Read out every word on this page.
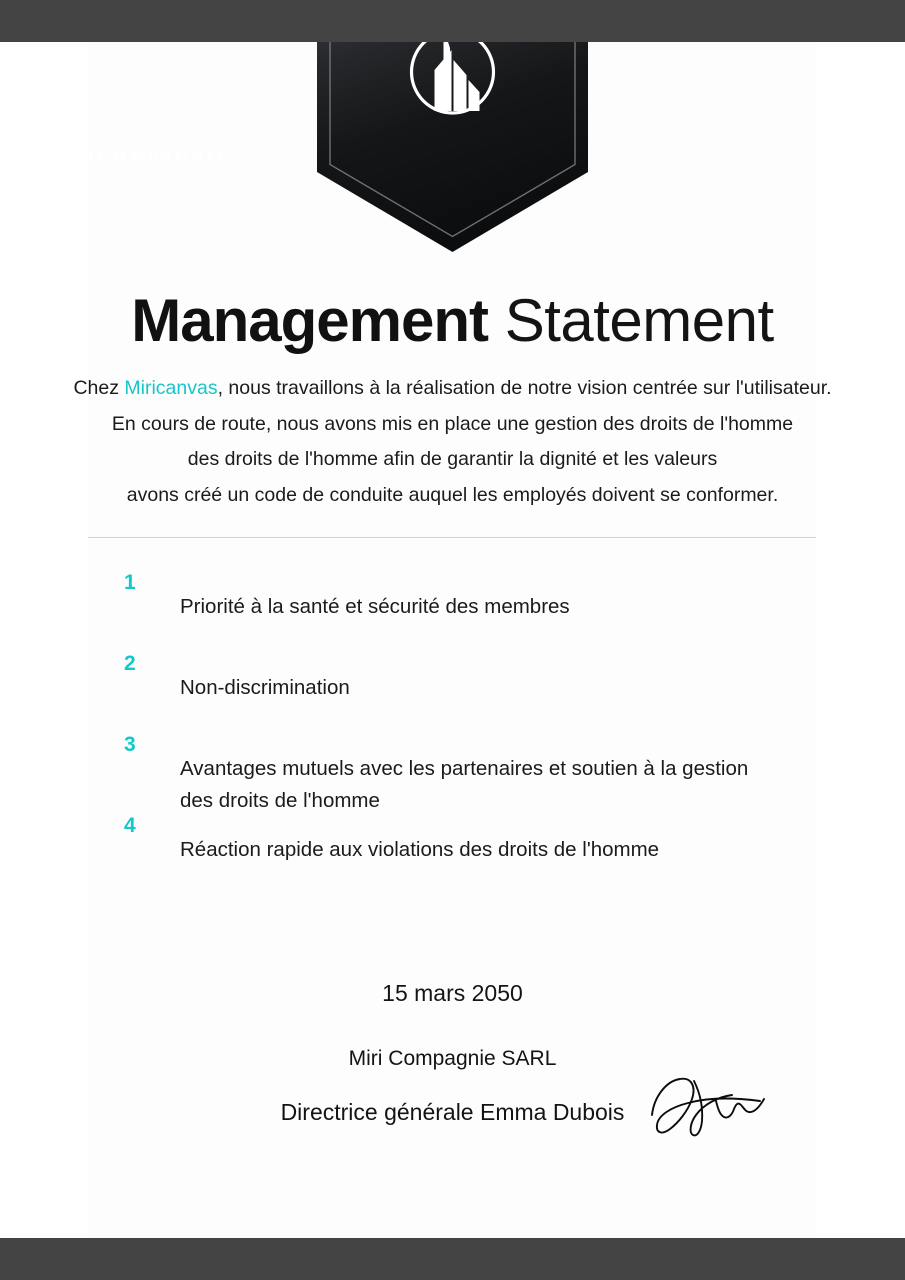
MIRICOMPAGNIE
Management Statement
Chez Miricanvas, nous travaillons à la réalisation de notre vision centrée sur l'utilisateur.
En cours de route, nous avons mis en place une gestion des droits de l'homme
des droits de l'homme afin de garantir la dignité et les valeurs
avons créé un code de conduite auquel les employés doivent se conformer.
1
Priorité à la santé et sécurité des membres
2
Non-discrimination
3
Avantages mutuels avec les partenaires et soutien à la gestion des droits de l'homme
4
Réaction rapide aux violations des droits de l'homme
15 mars 2050
Miri Compagnie SARL
Directrice générale Emma Dubois
